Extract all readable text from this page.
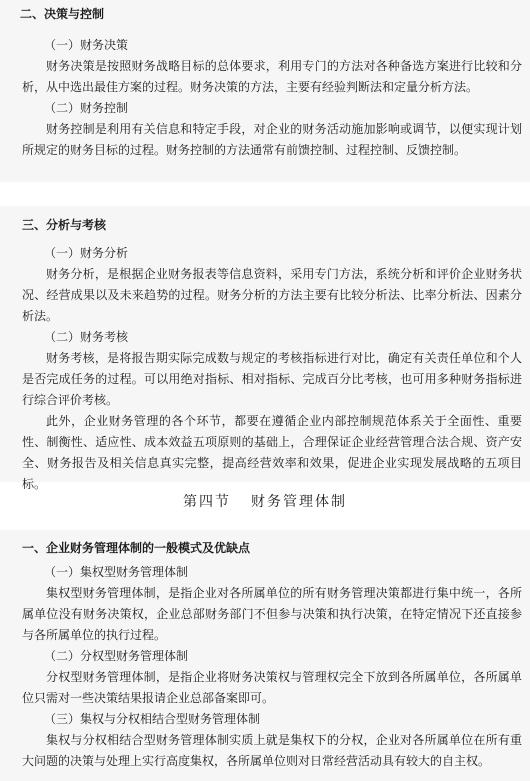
二、决策与控制

（一）财务决策

财务决策是按照财务战略目标的总体要求，利用专门的方法对各种备选方案进行比较和分析，从中选出最佳方案的过程。财务决策的方法，主要有经验判断法和定量分析方法。

（二）财务控制

财务控制是利用有关信息和特定手段，对企业的财务活动施加影响或调节，以便实现计划所规定的财务目标的过程。财务控制的方法通常有前馈控制、过程控制、反馈控制。

三、分析与考核

（一）财务分析

财务分析，是根据企业财务报表等信息资料，采用专门方法，系统分析和评价企业财务状况、经营成果以及未来趋势的过程。财务分析的方法主要有比较分析法、比率分析法、因素分析法。

（二）财务考核

财务考核，是将报告期实际完成数与规定的考核指标进行对比，确定有关责任单位和个人是否完成任务的过程。可以用绝对指标、相对指标、完成百分比考核，也可用多种财务指标进行综合评价考核。

此外，企业财务管理的各个环节，都要在遵循企业内部控制规范体系关于全面性、重要性、制衡性、适应性、成本效益五项原则的基础上，合理保证企业经营管理合法合规、资产安全、财务报告及相关信息真实完整，提高经营效率和效果，促进企业实现发展战略的五项目标。

第四节 财务管理体制

一、企业财务管理体制的一般模式及优缺点

（一）集权型财务管理体制

集权型财务管理体制，是指企业对各所属单位的所有财务管理决策都进行集中统一，各所属单位没有财务决策权，企业总部财务部门不但参与决策和执行决策，在特定情况下还直接参与各所属单位的执行过程。

（二）分权型财务管理体制

分权型财务管理体制，是指企业将财务决策权与管理权完全下放到各所属单位，各所属单位只需对一些决策结果报请企业总部备案即可。

（三）集权与分权相结合型财务管理体制

集权与分权相结合型财务管理体制实质上就是集权下的分权，企业对各所属单位在所有重大问题的决策与处理上实行高度集权，各所属单位则对日常经营活动具有较大的自主权。
